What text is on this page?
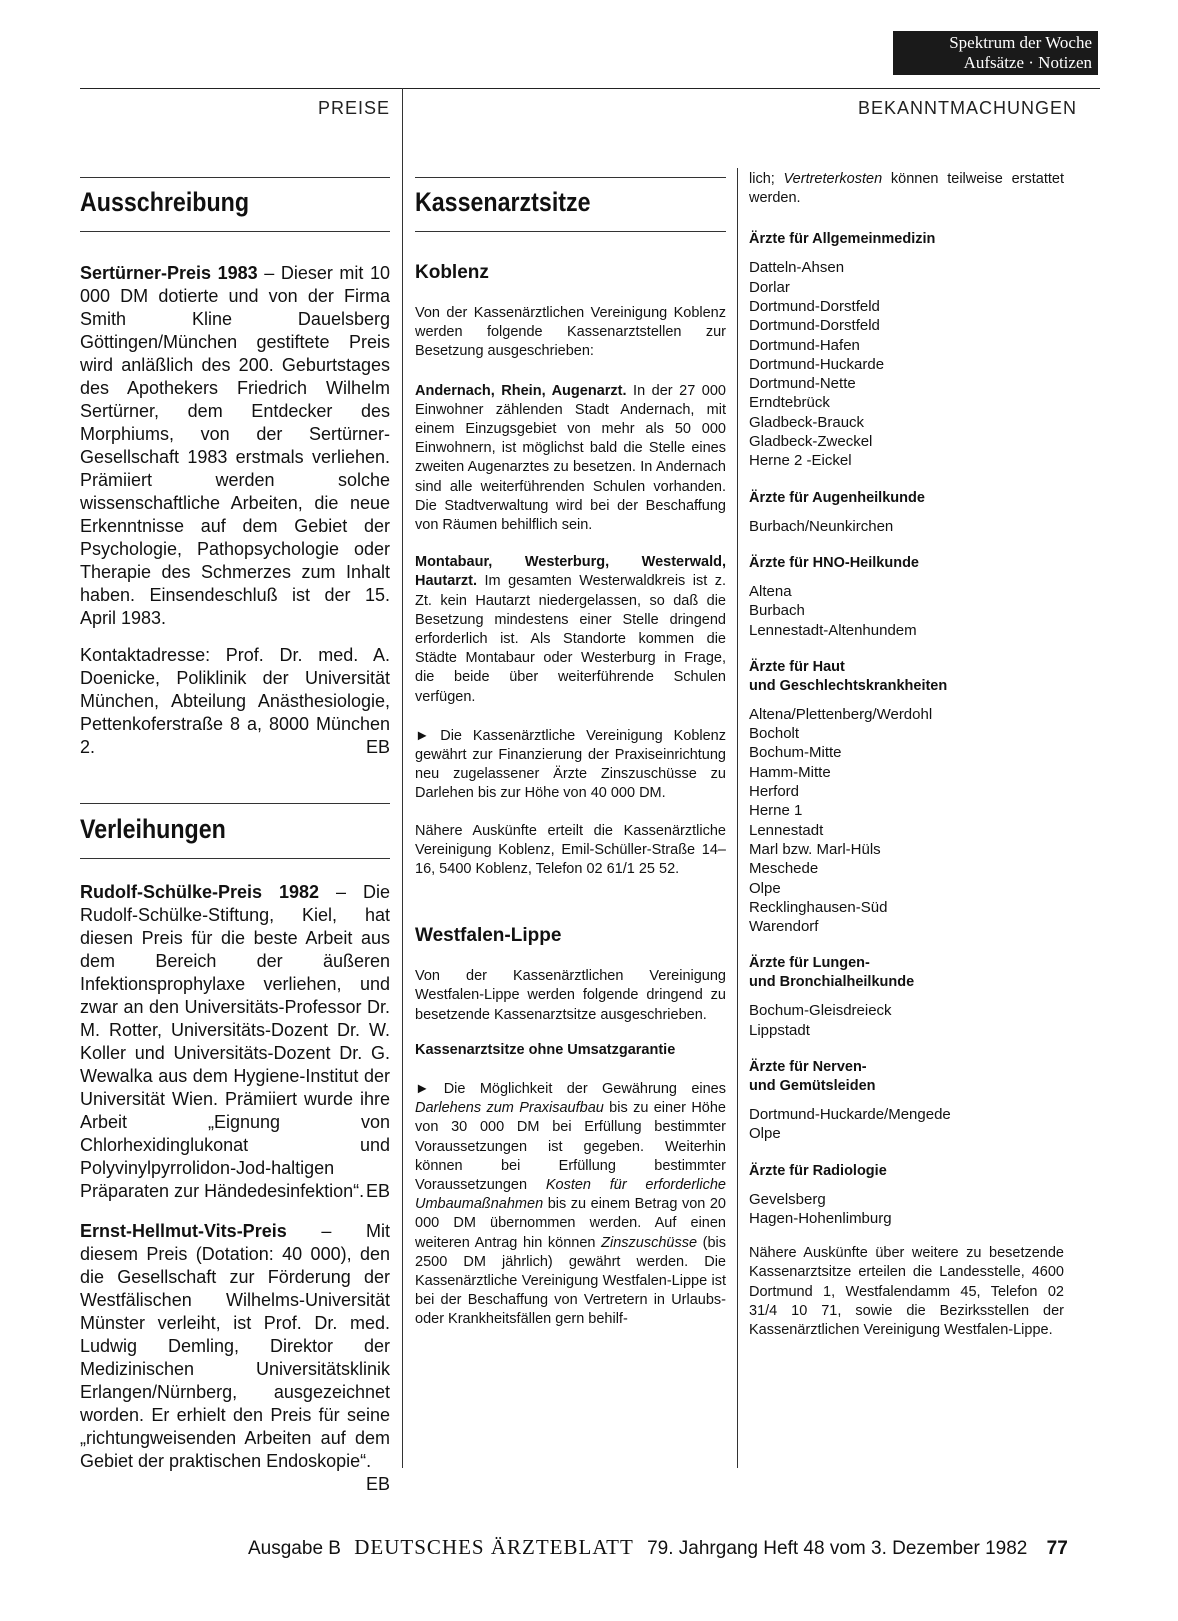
Spektrum der Woche
Aufsätze · Notizen
PREISE	BEKANNTMACHUNGEN
Ausschreibung

Sertürner-Preis 1983 – Dieser mit 10 000 DM dotierte und von der Firma Smith Kline Dauelsberg Göttingen/München gestiftete Preis wird anläßlich des 200. Geburtstages des Apothekers Friedrich Wilhelm Sertürner, dem Entdecker des Morphiums, von der Sertürner-Gesellschaft 1983 erstmals verliehen. Prämiiert werden solche wissenschaftliche Arbeiten, die neue Erkenntnisse auf dem Gebiet der Psychologie, Pathopsychologie oder Therapie des Schmerzes zum Inhalt haben. Einsendeschluß ist der 15. April 1983.

Kontaktadresse: Prof. Dr. med. A. Doenicke, Poliklinik der Universität München, Abteilung Anästhesiologie, Pettenkoferstraße 8 a, 8000 München 2.	EB

Verleihungen

Rudolf-Schülke-Preis 1982 – Die Rudolf-Schülke-Stiftung, Kiel, hat diesen Preis für die beste Arbeit aus dem Bereich der äußeren Infektionsprophylaxe verliehen, und zwar an den Universitäts-Professor Dr. M. Rotter, Universitäts-Dozent Dr. W. Koller und Universitäts-Dozent Dr. G. Wewalka aus dem Hygiene-Institut der Universität Wien. Prämiiert wurde ihre Arbeit „Eignung von Chlorhexidinglukonat und Polyvinylpyrrolidon-Jod-haltigen Präparaten zur Händedesinfektion“. EB

Ernst-Hellmut-Vits-Preis – Mit diesem Preis (Dotation: 40 000), den die Gesellschaft zur Förderung der Westfälischen Wilhelms-Universität Münster verleiht, ist Prof. Dr. med. Ludwig Demling, Direktor der Medizinischen Universitätsklinik Erlangen/Nürnberg, ausgezeichnet worden. Er erhielt den Preis für seine „richtungweisenden Arbeiten auf dem Gebiet der praktischen Endoskopie“.
EB

Kassenarztsitze
Koblenz

Von der Kassenärztlichen Vereinigung Koblenz werden folgende Kassenarztstellen zur Besetzung ausgeschrieben:

Andernach, Rhein, Augenarzt. In der 27 000 Einwohner zählenden Stadt Andernach, mit einem Einzugsgebiet von mehr als 50 000 Einwohnern, ist möglichst bald die Stelle eines zweiten Augenarztes zu besetzen. In Andernach sind alle weiterführenden Schulen vorhanden. Die Stadtverwaltung wird bei der Beschaffung von Räumen behilflich sein.

Montabaur, Westerburg, Westerwald, Hautarzt. Im gesamten Westerwaldkreis ist z. Zt. kein Hautarzt niedergelassen, so daß die Besetzung mindestens einer Stelle dringend erforderlich ist. Als Standorte kommen die Städte Montabaur oder Westerburg in Frage, die beide über weiterführende Schulen verfügen.

► Die Kassenärztliche Vereinigung Koblenz gewährt zur Finanzierung der Praxiseinrichtung neu zugelassener Ärzte Zinszuschüsse zu Darlehen bis zur Höhe von 40 000 DM.

Nähere Auskünfte erteilt die Kassenärztliche Vereinigung Koblenz, Emil-Schüller-Straße 14–16, 5400 Koblenz, Telefon 02 61/1 25 52.

Westfalen-Lippe

Von der Kassenärztlichen Vereinigung Westfalen-Lippe werden folgende dringend zu besetzende Kassenarztsitze ausgeschrieben.

Kassenarztsitze ohne Umsatzgarantie

► Die Möglichkeit der Gewährung eines Darlehens zum Praxisaufbau bis zu einer Höhe von 30 000 DM bei Erfüllung bestimmter Voraussetzungen ist gegeben. Weiterhin können bei Erfüllung bestimmter Voraussetzungen Kosten für erforderliche Umbaumaßnahmen bis zu einem Betrag von 20 000 DM übernommen werden. Auf einen weiteren Antrag hin können Zinszuschüsse (bis 2500 DM jährlich) gewährt werden. Die Kassenärztliche Vereinigung Westfalen-Lippe ist bei der Beschaffung von Vertretern in Urlaubs- oder Krankheitsfällen gern behilf-

lich; Vertreterkosten können teilweise erstattet werden.

Ärzte für Allgemeinmedizin
Datteln-Ahsen
Dorlar
Dortmund-Dorstfeld
Dortmund-Dorstfeld
Dortmund-Hafen
Dortmund-Huckarde
Dortmund-Nette
Erndtebrück
Gladbeck-Brauck
Gladbeck-Zweckel
Herne 2 -Eickel
Ärzte für Augenheilkunde
Burbach/Neunkirchen
Ärzte für HNO-Heilkunde
Altena
Burbach
Lennestadt-Altenhundem
Ärzte für Haut
und Geschlechtskrankheiten
Altena/Plettenberg/Werdohl
Bocholt
Bochum-Mitte
Hamm-Mitte
Herford
Herne 1
Lennestadt
Marl bzw. Marl-Hüls
Meschede
Olpe
Recklinghausen-Süd
Warendorf
Ärzte für Lungen-
und Bronchialheilkunde
Bochum-Gleisdreieck
Lippstadt
Ärzte für Nerven-
und Gemütsleiden
Dortmund-Huckarde/Mengede
Olpe
Ärzte für Radiologie
Gevelsberg
Hagen-Hohenlimburg

Nähere Auskünfte über weitere zu besetzende Kassenarztsitze erteilen die Landesstelle, 4600 Dortmund 1, Westfalendamm 45, Telefon 02 31/4 10 71, sowie die Bezirksstellen der Kassenärztlichen Vereinigung Westfalen-Lippe.

Ausgabe B DEUTSCHES ÄRZTEBLATT 79. Jahrgang Heft 48 vom 3. Dezember 1982 77
